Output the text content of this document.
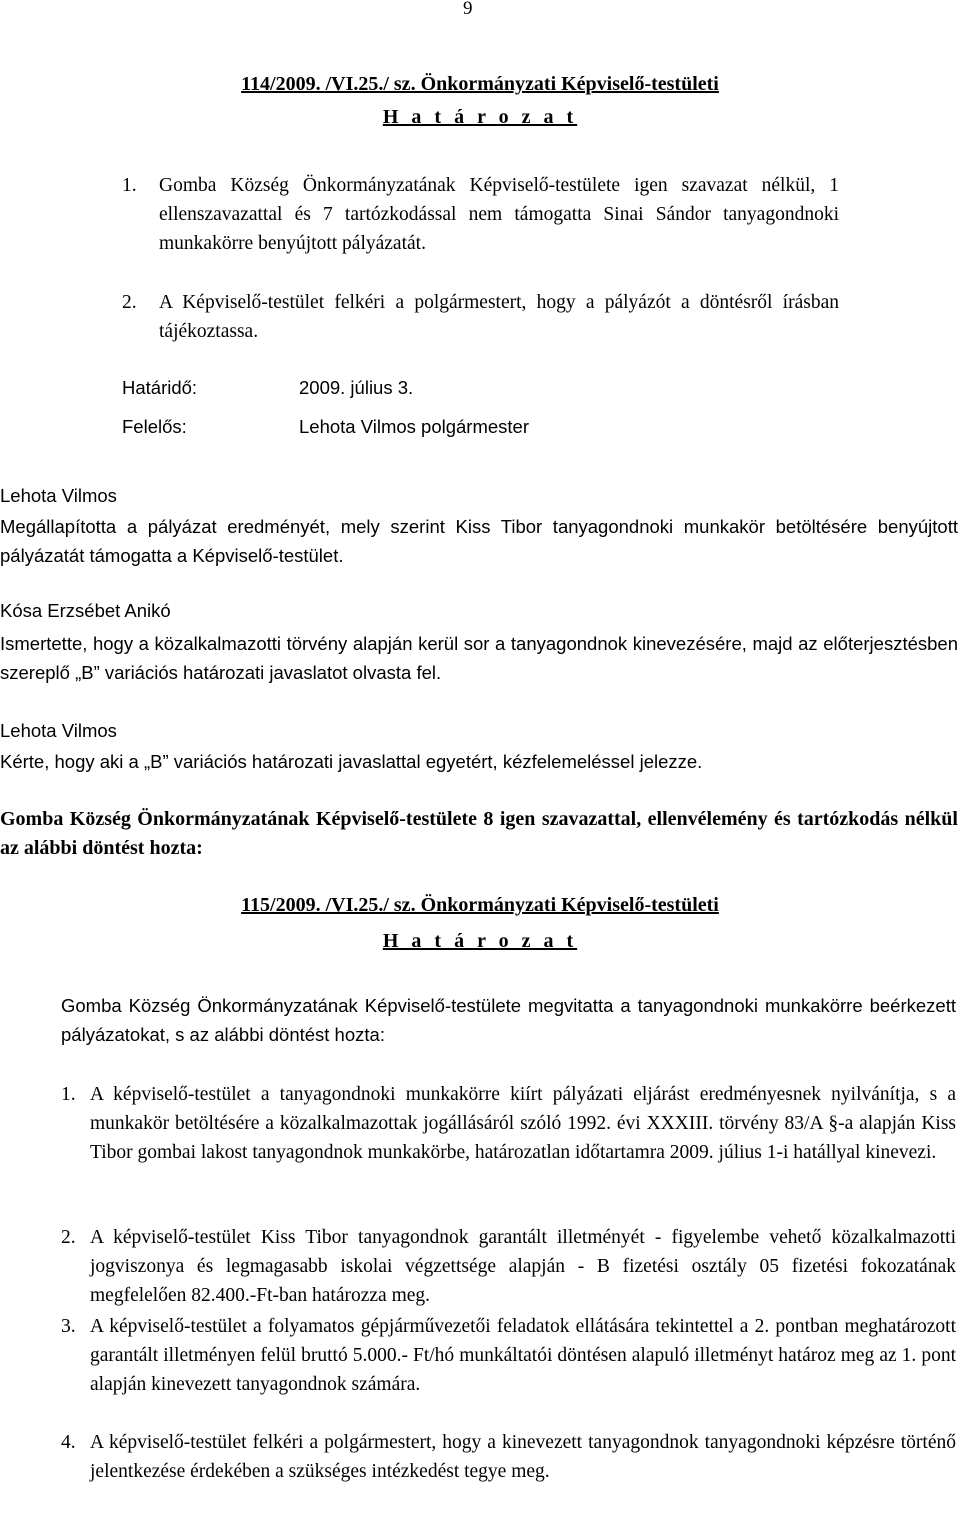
9
114/2009. /VI.25./ sz. Önkormányzati Képviselő-testületi
H a t á r o z a t
1. Gomba Község Önkormányzatának Képviselő-testülete igen szavazat nélkül, 1 ellenszavazattal és 7 tartózkodással nem támogatta Sinai Sándor tanyagondnoki munkakörre benyújtott pályázatát.
2. A Képviselő-testület felkéri a polgármestert, hogy a pályázót a döntésről írásban tájékoztassa.
Határidő:	2009. július 3.
Felelős:	Lehota Vilmos polgármester
Lehota Vilmos
Megállapította a pályázat eredményét, mely szerint Kiss Tibor tanyagondnoki munkakör betöltésére benyújtott pályázatát támogatta a Képviselő-testület.
Kósa Erzsébet Anikó
Ismertette, hogy a közalkalmazotti törvény alapján kerül sor a tanyagondnok kinevezésére, majd az előterjesztésben szereplő „B” variációs határozati javaslatot olvasta fel.
Lehota Vilmos
Kérte, hogy aki a „B” variációs határozati javaslattal egyetért, kézfelemeléssel jelezze.
Gomba Község Önkormányzatának Képviselő-testülete 8 igen szavazattal, ellenvélemény és tartózkodás nélkül az alábbi döntést hozta:
115/2009. /VI.25./ sz. Önkormányzati Képviselő-testületi
H a t á r o z a t
Gomba Község Önkormányzatának Képviselő-testülete megvitatta a tanyagondnoki munkakörre beérkezett pályázatokat, s az alábbi döntést hozta:
1. A képviselő-testület a tanyagondnoki munkakörre kiírt pályázati eljárást eredményesnek nyilvánítja, s a munkakör betöltésére a közalkalmazottak jogállásáról szóló 1992. évi XXXIII. törvény 83/A §-a alapján Kiss Tibor gombai lakost tanyagondnok munkakörbe, határozatlan időtartamra 2009. július 1-i hatállyal kinevezi.
2. A képviselő-testület Kiss Tibor tanyagondnok garantált illetményét - figyelembe vehető közalkalmazotti jogviszonya és legmagasabb iskolai végzettsége alapján - B fizetési osztály 05 fizetési fokozatának megfelelően 82.400.-Ft-ban határozza meg.
3. A képviselő-testület a folyamatos gépjárművezetői feladatok ellátására tekintettel a 2. pontban meghatározott garantált illetményen felül bruttó 5.000.- Ft/hó munkáltatói döntésen alapuló illetményt határoz meg az 1. pont alapján kinevezett tanyagondnok számára.
4. A képviselő-testület felkéri a polgármestert, hogy a kinevezett tanyagondnok tanyagondnoki képzésre történő jelentkezése érdekében a szükséges intézkedést tegye meg.
